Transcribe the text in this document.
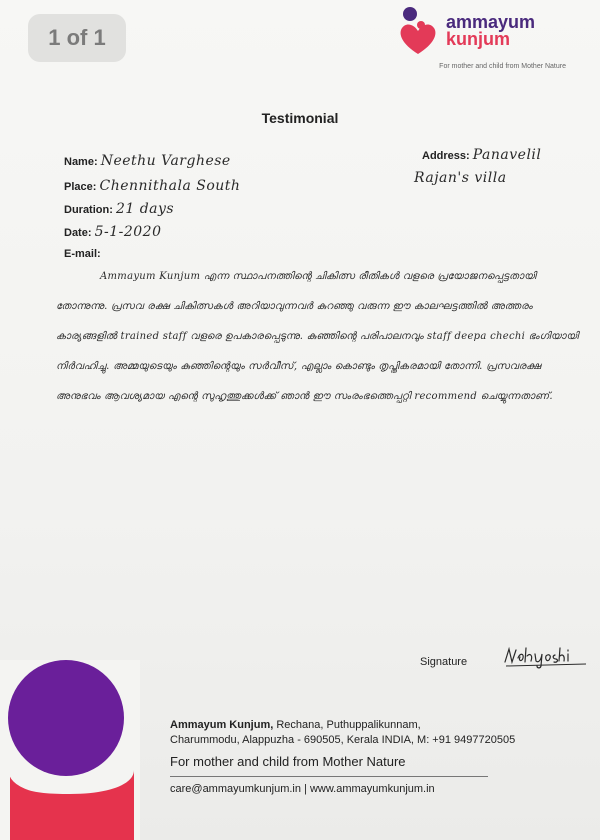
1 of 1
ammayum
kunjum
For mother and child from Mother Nature
Testimonial
Name: Neethu Varghese
Place: Chennithala South
Duration: 21 days
Date: 5-1-2020
E-mail:
Address: Panavelil
Rajan's villa
Ammayum Kunjum എന്ന സ്ഥാപനത്തിന്റെ ചികിത്സ രീതികൾ വളരെ പ്രയോജനപ്പെട്ടതായി തോന്നുന്നു. പ്രസവ രക്ഷ ചികിത്സകൾ അറിയാവുന്നവർ കുറഞ്ഞു വരുന്ന ഈ കാലഘട്ടത്തിൽ അത്തരം കാര്യങ്ങളിൽ trained staff വളരെ ഉപകാരപ്പെടുന്നു. കുഞ്ഞിന്റെ പരിപാലനവും staff deepa chechi ഭംഗിയായി നിർവഹിച്ചു. അമ്മയുടെയും കുഞ്ഞിന്റെയും സർവീസ്, എല്ലാം കൊണ്ടും തൃപ്തികരമായി തോന്നി. പ്രസവരക്ഷ അനുഭവം ആവശ്യമായ എന്റെ സുഹൃത്തുക്കൾക്ക് ഞാൻ ഈ സംരംഭത്തെപ്പറ്റി recommend ചെയ്യുന്നതാണ്.
Signature
Ammayum Kunjum, Rechana, Puthuppalikunnam,
Charummodu, Alappuzha - 690505, Kerala INDIA, M: +91 9497720505
For mother and child from Mother Nature
care@ammayumkunjum.in | www.ammayumkunjum.in
